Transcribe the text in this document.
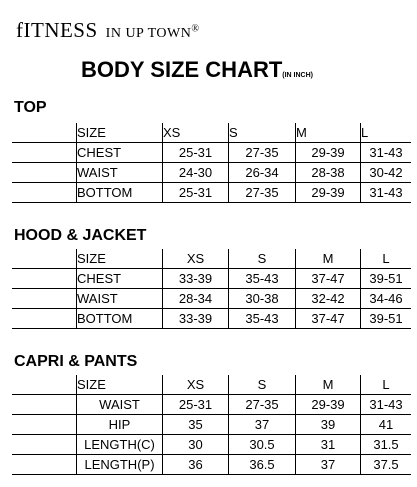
fITNESS IN UP TOWN®
BODY SIZE CHART(IN INCH)
TOP
	SIZE	XS	S	M	L
	CHEST	25-31	27-35	29-39	31-43
	WAIST	24-30	26-34	28-38	30-42
	BOTTOM	25-31	27-35	29-39	31-43
HOOD & JACKET
	SIZE	XS	S	M	L
	CHEST	33-39	35-43	37-47	39-51
	WAIST	28-34	30-38	32-42	34-46
	BOTTOM	33-39	35-43	37-47	39-51
CAPRI & PANTS
	SIZE	XS	S	M	L
	WAIST	25-31	27-35	29-39	31-43
	HIP	35	37	39	41
	LENGTH(C)	30	30.5	31	31.5
	LENGTH(P)	36	36.5	37	37.5
